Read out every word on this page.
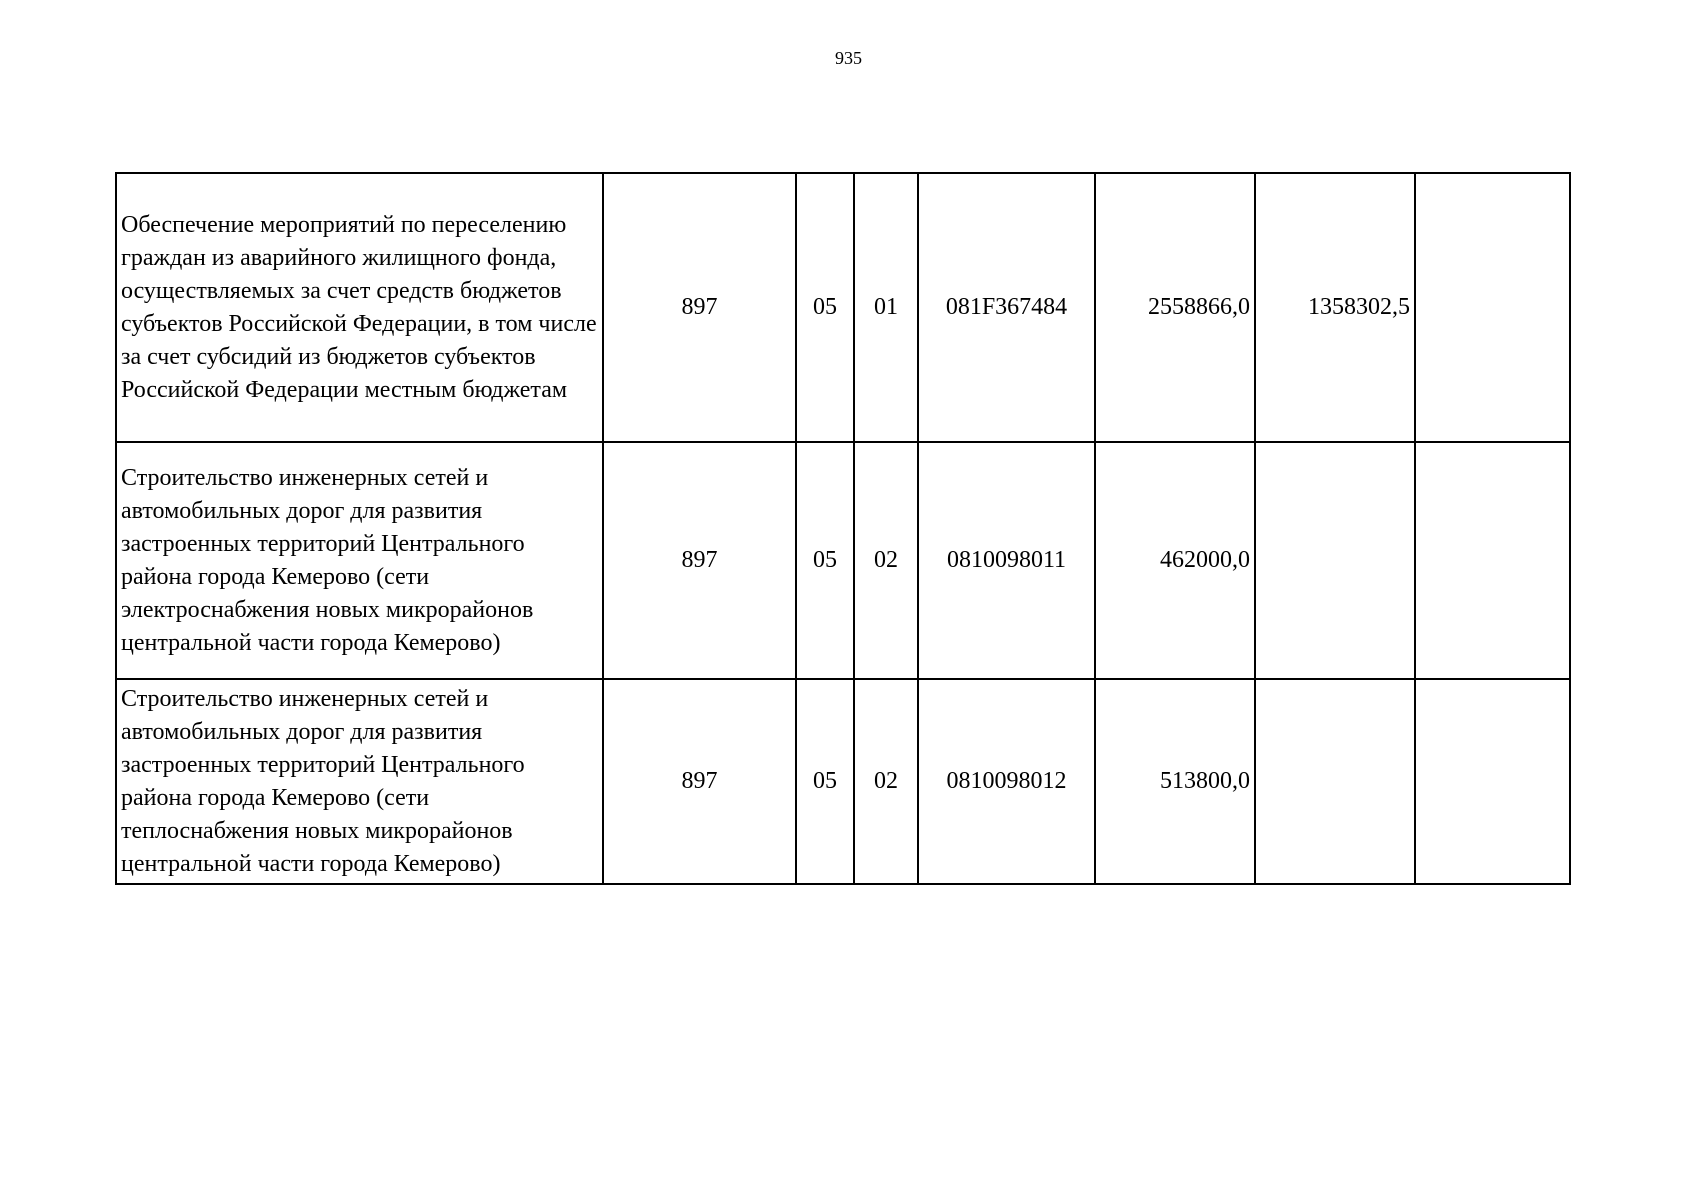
935
Обеспечение мероприятий по переселению граждан из аварийного жилищного фонда, осуществляемых за счет средств бюджетов субъектов Российской Федерации, в том числе за счет субсидий из бюджетов субъектов Российской Федерации местным бюджетам	897	05	01	081F367484	2558866,0	1358302,5	
Строительство инженерных сетей и автомобильных дорог для развития застроенных территорий Центрального района города Кемерово (сети электроснабжения новых микрорайонов центральной части города Кемерово)	897	05	02	0810098011	462000,0		
Строительство инженерных сетей и автомобильных дорог для развития застроенных территорий Центрального района города Кемерово (сети теплоснабжения новых микрорайонов центральной части города Кемерово)	897	05	02	0810098012	513800,0		
